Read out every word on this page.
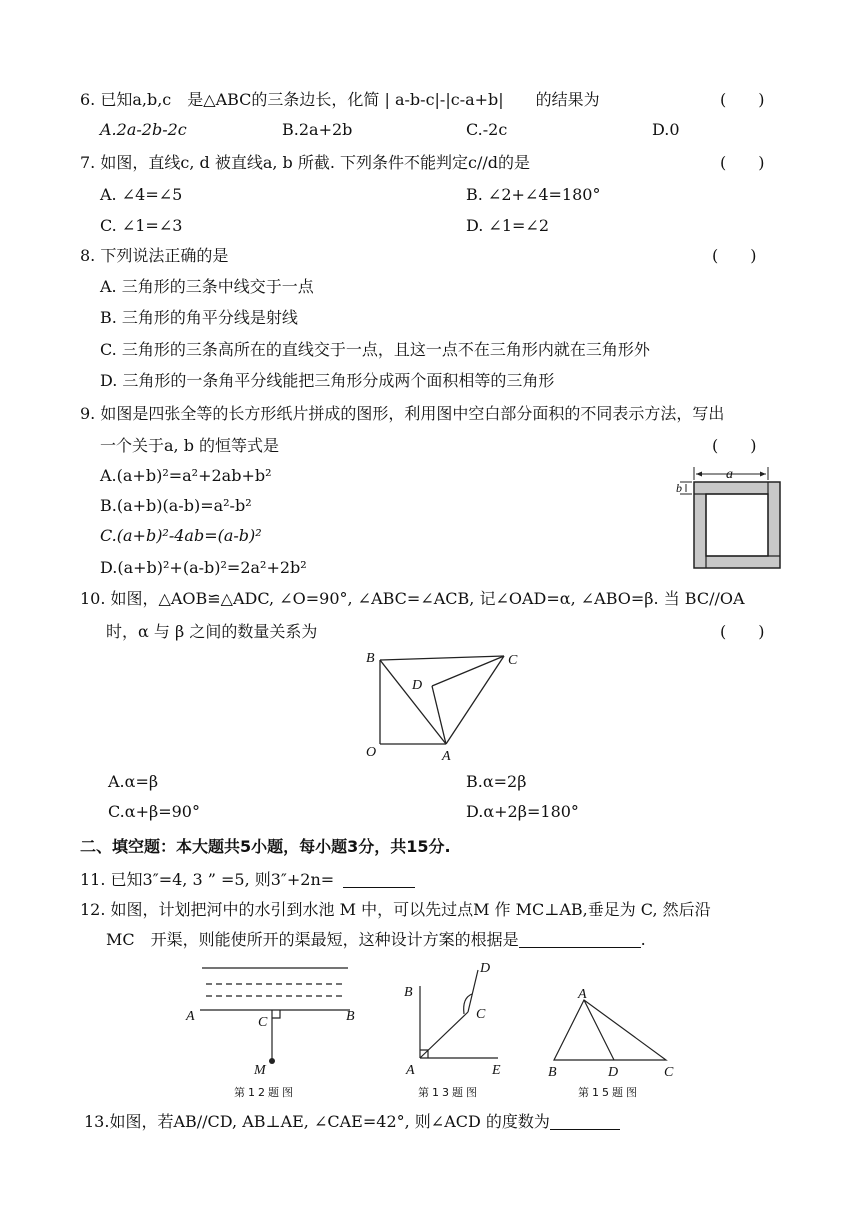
6. 已知a,b,c　是△ABC的三条边长，化简 | a-b-c|-|c-a+b|　　的结果为	(　　)
A.2a-2b-2c	B.2a+2b	C.-2c	D.0
7. 如图，直线c, d 被直线a, b 所截. 下列条件不能判定c//d的是	(　　)
A. ∠4=∠5	B. ∠2+∠4=180°
C. ∠1=∠3	D. ∠1=∠2
8. 下列说法正确的是	(　　)
A. 三角形的三条中线交于一点
B. 三角形的角平分线是射线
C. 三角形的三条高所在的直线交于一点，且这一点不在三角形内就在三角形外
D. 三角形的一条角平分线能把三角形分成两个面积相等的三角形
9. 如图是四张全等的长方形纸片拼成的图形，利用图中空白部分面积的不同表示方法，写出
一个关于a, b 的恒等式是	(　　)
A.(a+b)²=a²+2ab+b²
B.(a+b)(a-b)=a²-b²
C.(a+b)²-4ab=(a-b)²
D.(a+b)²+(a-b)²=2a²+2b²
a
b
10. 如图，△AOB≌△ADC, ∠O=90°, ∠ABC=∠ACB, 记∠OAD=α, ∠ABO=β. 当 BC//OA
时，α 与 β 之间的数量关系为	(　　)
B	C
D
O	A
A.α=β	B.α=2β
C.α+β=90°	D.α+2β=180°
二、填空题：本大题共5小题，每小题3分，共15分.
11. 已知3″=4, 3 ” =5, 则3″+2n=
12. 如图，计划把河中的水引到水池 M 中，可以先过点M 作 MC⊥AB,垂足为 C, 然后沿
MC　开渠，则能使所开的渠最短，这种设计方案的根据是	.
A	B
C
M
第12题图
B
D
C
A	E
第13题图
A
B	D	C
第15题图
13.如图，若AB//CD, AB⊥AE, ∠CAE=42°, 则∠ACD 的度数为
